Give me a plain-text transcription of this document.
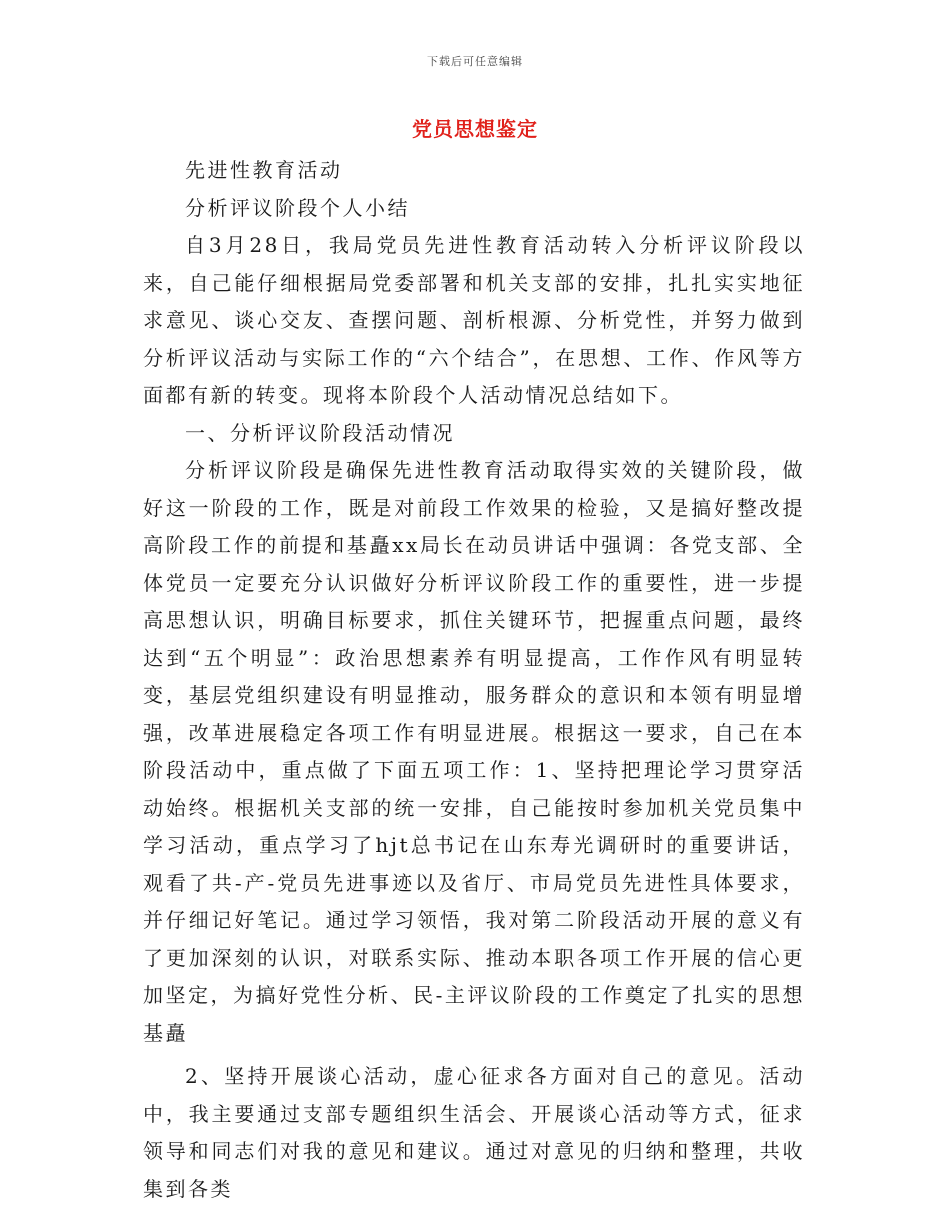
下载后可任意编辑
党员思想鉴定

先进性教育活动

分析评议阶段个人小结

自3月28日，我局党员先进性教育活动转入分析评议阶段以来，自己能仔细根据局党委部署和机关支部的安排，扎扎实实地征求意见、谈心交友、查摆问题、剖析根源、分析党性，并努力做到分析评议活动与实际工作的“六个结合”，在思想、工作、作风等方面都有新的转变。现将本阶段个人活动情况总结如下。

一、分析评议阶段活动情况

分析评议阶段是确保先进性教育活动取得实效的关键阶段，做好这一阶段的工作，既是对前段工作效果的检验，又是搞好整改提高阶段工作的前提和基矗xx局长在动员讲话中强调：各党支部、全体党员一定要充分认识做好分析评议阶段工作的重要性，进一步提高思想认识，明确目标要求，抓住关键环节，把握重点问题，最终达到“五个明显”：政治思想素养有明显提高，工作作风有明显转变，基层党组织建设有明显推动，服务群众的意识和本领有明显增强，改革进展稳定各项工作有明显进展。根据这一要求，自己在本阶段活动中，重点做了下面五项工作：1、坚持把理论学习贯穿活动始终。根据机关支部的统一安排，自己能按时参加机关党员集中学习活动，重点学习了hjt总书记在山东寿光调研时的重要讲话，观看了共-产-党员先进事迹以及省厅、市局党员先进性具体要求，并仔细记好笔记。通过学习领悟，我对第二阶段活动开展的意义有了更加深刻的认识，对联系实际、推动本职各项工作开展的信心更加坚定，为搞好党性分析、民-主评议阶段的工作奠定了扎实的思想基矗

2、坚持开展谈心活动，虚心征求各方面对自己的意见。活动中，我主要通过支部专题组织生活会、开展谈心活动等方式，征求领导和同志们对我的意见和建议。通过对意见的归纳和整理，共收集到各类
